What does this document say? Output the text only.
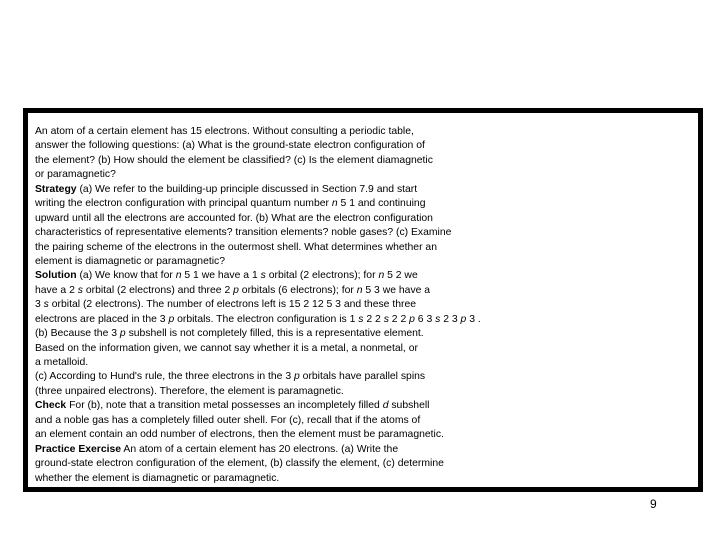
An atom of a certain element has 15 electrons. Without consulting a periodic table,
answer the following questions: (a) What is the ground-state electron configuration of
the element? (b) How should the element be classified? (c) Is the element diamagnetic
or paramagnetic?
Strategy (a) We refer to the building-up principle discussed in Section 7.9 and start
writing the electron configuration with principal quantum number n 5 1 and continuing
upward until all the electrons are accounted for. (b) What are the electron configuration
characteristics of representative elements? transition elements? noble gases? (c) Examine
the pairing scheme of the electrons in the outermost shell. What determines whether an
element is diamagnetic or paramagnetic?
Solution (a) We know that for n 5 1 we have a 1 s orbital (2 electrons); for n 5 2 we
have a 2 s orbital (2 electrons) and three 2 p orbitals (6 electrons); for n 5 3 we have a
3 s orbital (2 electrons). The number of electrons left is 15 2 12 5 3 and these three
electrons are placed in the 3 p orbitals. The electron configuration is 1 s 2 2 s 2 2 p 6 3 s 2 3 p 3 .
(b) Because the 3 p subshell is not completely filled, this is a representative element.
Based on the information given, we cannot say whether it is a metal, a nonmetal, or
a metalloid.
(c) According to Hund's rule, the three electrons in the 3 p orbitals have parallel spins
(three unpaired electrons). Therefore, the element is paramagnetic.
Check For (b), note that a transition metal possesses an incompletely filled d subshell
and a noble gas has a completely filled outer shell. For (c), recall that if the atoms of
an element contain an odd number of electrons, then the element must be paramagnetic.
Practice Exercise An atom of a certain element has 20 electrons. (a) Write the
ground-state electron configuration of the element, (b) classify the element, (c) determine
whether the element is diamagnetic or paramagnetic.
9
